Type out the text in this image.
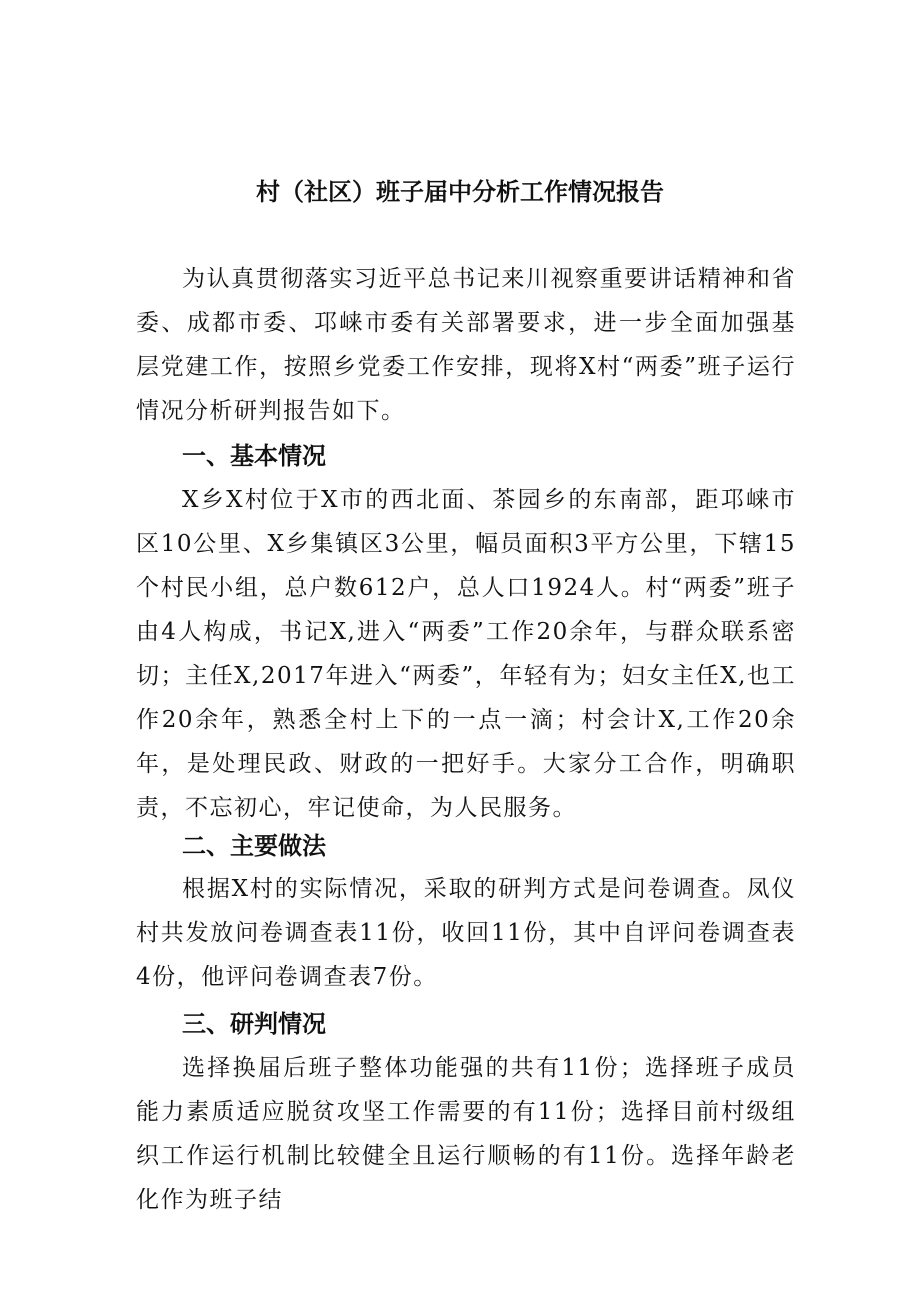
村（社区）班子届中分析工作情况报告

为认真贯彻落实习近平总书记来川视察重要讲话精神和省委、成都市委、邛崃市委有关部署要求，进一步全面加强基层党建工作，按照乡党委工作安排，现将X村“两委”班子运行情况分析研判报告如下。

一、基本情况

X乡X村位于X市的西北面、茶园乡的东南部，距邛崃市区10公里、X乡集镇区3公里，幅员面积3平方公里，下辖15个村民小组，总户数612户，总人口1924人。村“两委”班子由4人构成，书记X,进入“两委”工作20余年，与群众联系密切；主任X,2017年进入“两委”，年轻有为；妇女主任X,也工作20余年，熟悉全村上下的一点一滴；村会计X,工作20余年，是处理民政、财政的一把好手。大家分工合作，明确职责，不忘初心，牢记使命，为人民服务。

二、主要做法

根据X村的实际情况，采取的研判方式是问卷调查。凤仪村共发放问卷调查表11份，收回11份，其中自评问卷调查表4份，他评问卷调查表7份。

三、研判情况

选择换届后班子整体功能强的共有11份；选择班子成员能力素质适应脱贫攻坚工作需要的有11份；选择目前村级组织工作运行机制比较健全且运行顺畅的有11份。选择年龄老化作为班子结
